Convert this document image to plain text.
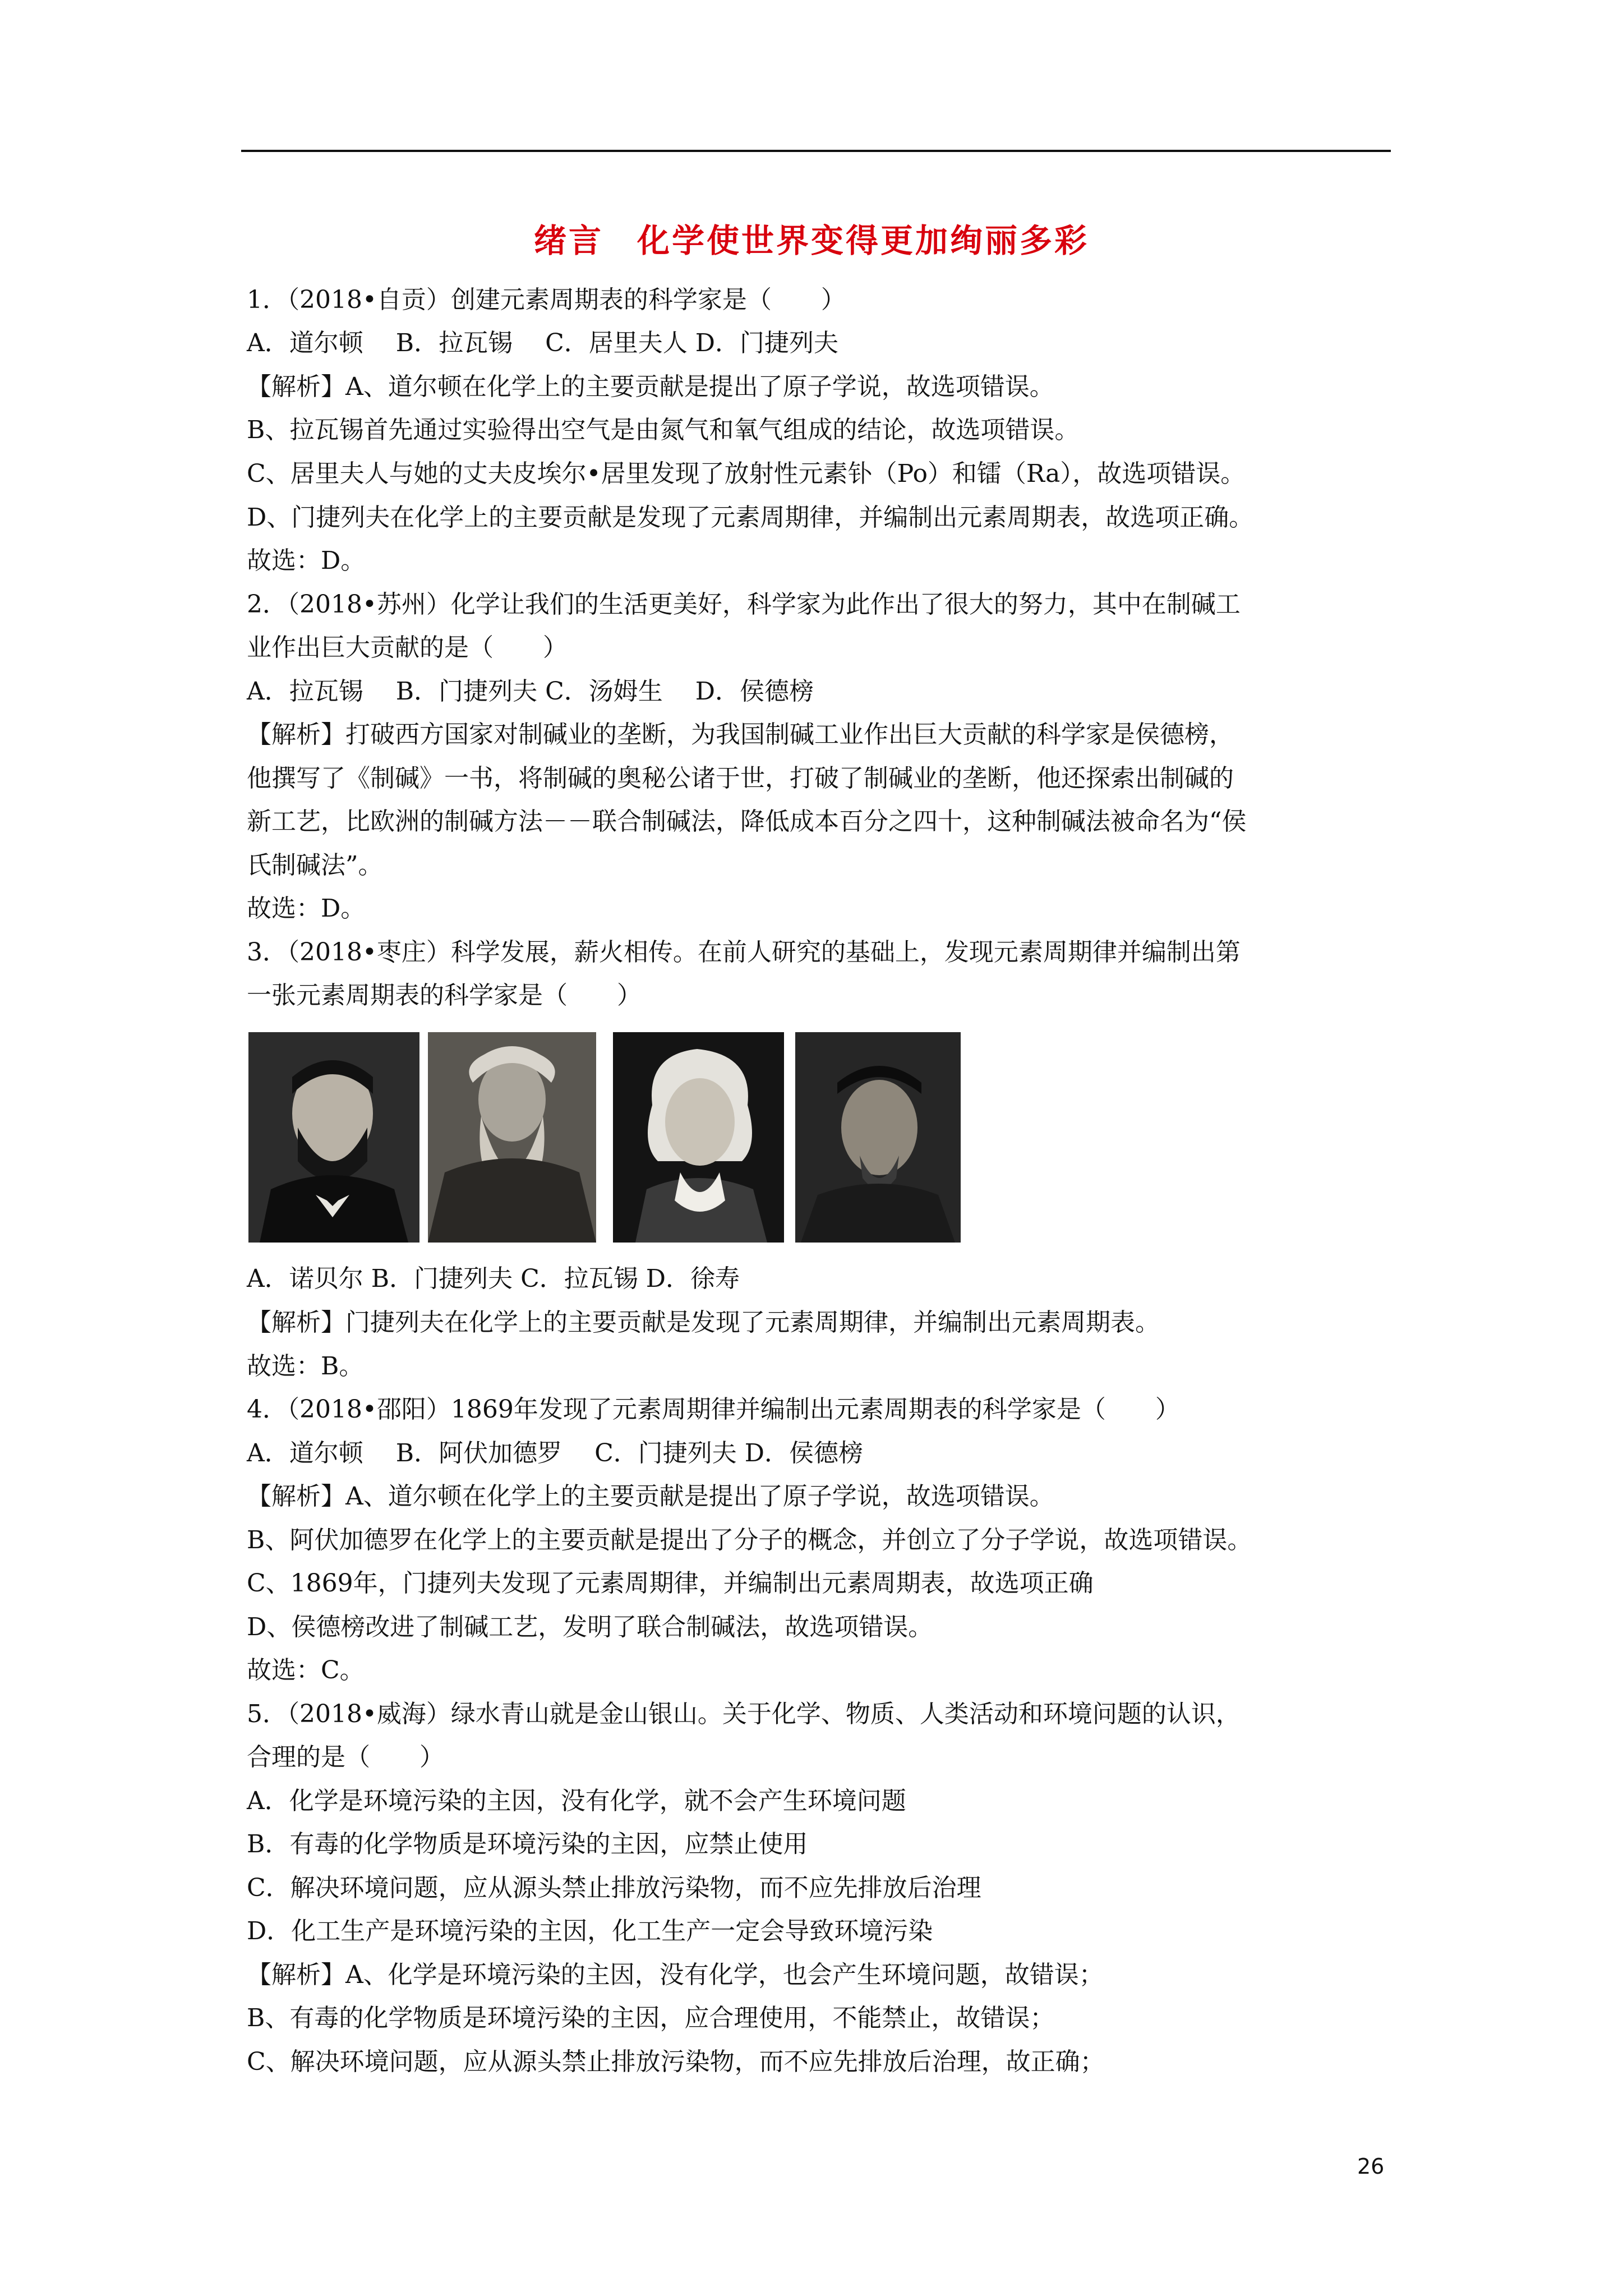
绪言 化学使世界变得更加绚丽多彩
1．（2018•自贡）创建元素周期表的科学家是（　　）
A．道尔顿　 B．拉瓦锡　 C．居里夫人 D．门捷列夫
【解析】A、道尔顿在化学上的主要贡献是提出了原子学说，故选项错误。
B、拉瓦锡首先通过实验得出空气是由氮气和氧气组成的结论，故选项错误。
C、居里夫人与她的丈夫皮埃尔•居里发现了放射性元素钋（Po）和镭（Ra），故选项错误。
D、门捷列夫在化学上的主要贡献是发现了元素周期律，并编制出元素周期表，故选项正确。
故选：D。
2．（2018•苏州）化学让我们的生活更美好，科学家为此作出了很大的努力，其中在制碱工
业作出巨大贡献的是（　　）
A．拉瓦锡　 B．门捷列夫 C．汤姆生　 D．侯德榜
【解析】打破西方国家对制碱业的垄断，为我国制碱工业作出巨大贡献的科学家是侯德榜，
他撰写了《制碱》一书，将制碱的奥秘公诸于世，打破了制碱业的垄断，他还探索出制碱的
新工艺，比欧洲的制碱方法－－联合制碱法，降低成本百分之四十，这种制碱法被命名为“侯
氏制碱法”。
故选：D。
3．（2018•枣庄）科学发展，薪火相传。在前人研究的基础上，发现元素周期律并编制出第
一张元素周期表的科学家是（　　）
A．诺贝尔 B．门捷列夫 C．拉瓦锡 D．徐寿
【解析】门捷列夫在化学上的主要贡献是发现了元素周期律，并编制出元素周期表。
故选：B。
4．（2018•邵阳）1869年发现了元素周期律并编制出元素周期表的科学家是（　　）
A．道尔顿　 B．阿伏加德罗　 C．门捷列夫 D．侯德榜
【解析】A、道尔顿在化学上的主要贡献是提出了原子学说，故选项错误。
B、阿伏加德罗在化学上的主要贡献是提出了分子的概念，并创立了分子学说，故选项错误。
C、1869年，门捷列夫发现了元素周期律，并编制出元素周期表，故选项正确
D、侯德榜改进了制碱工艺，发明了联合制碱法，故选项错误。
故选：C。
5．（2018•威海）绿水青山就是金山银山。关于化学、物质、人类活动和环境问题的认识，
合理的是（　　）
A．化学是环境污染的主因，没有化学，就不会产生环境问题
B．有毒的化学物质是环境污染的主因，应禁止使用
C．解决环境问题，应从源头禁止排放污染物，而不应先排放后治理
D．化工生产是环境污染的主因，化工生产一定会导致环境污染
【解析】A、化学是环境污染的主因，没有化学，也会产生环境问题，故错误；
B、有毒的化学物质是环境污染的主因，应合理使用，不能禁止，故错误；
C、解决环境问题，应从源头禁止排放污染物，而不应先排放后治理，故正确；
26
